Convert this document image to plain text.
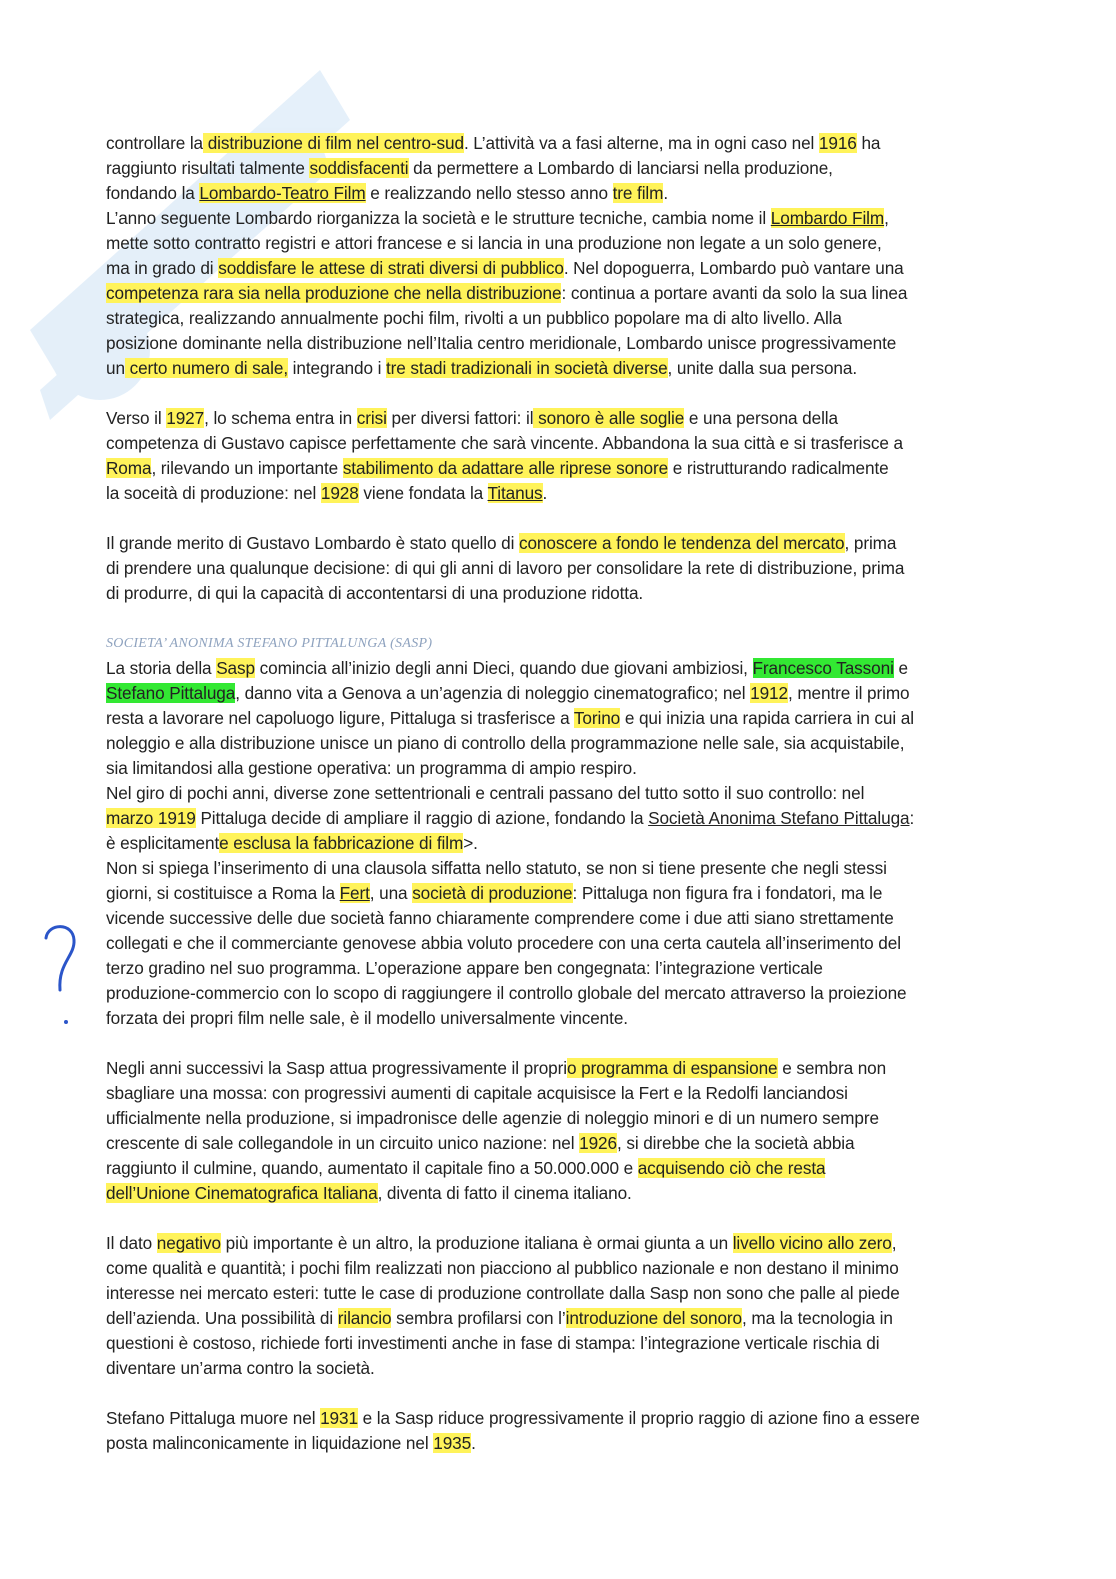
controllare la distribuzione di film nel centro-sud. L’attività va a fasi alterne, ma in ogni caso nel 1916 ha

raggiunto risultati talmente soddisfacenti da permettere a Lombardo di lanciarsi nella produzione,

fondando la Lombardo-Teatro Film e realizzando nello stesso anno tre film.

L’anno seguente Lombardo riorganizza la società e le strutture tecniche, cambia nome il Lombardo Film,

mette sotto contratto registri e attori francese e si lancia in una produzione non legate a un solo genere,

ma in grado di soddisfare le attese di strati diversi di pubblico. Nel dopoguerra, Lombardo può vantare una

competenza rara sia nella produzione che nella distribuzione: continua a portare avanti da solo la sua linea

strategica, realizzando annualmente pochi film, rivolti a un pubblico popolare ma di alto livello. Alla

posizione dominante nella distribuzione nell’Italia centro meridionale, Lombardo unisce progressivamente

un certo numero di sale, integrando i tre stadi tradizionali in società diverse, unite dalla sua persona.

Verso il 1927, lo schema entra in crisi per diversi fattori: il sonoro è alle soglie e una persona della

competenza di Gustavo capisce perfettamente che sarà vincente. Abbandona la sua città e si trasferisce a

Roma, rilevando un importante stabilimento da adattare alle riprese sonore e ristrutturando radicalmente

la soceità di produzione: nel 1928 viene fondata la Titanus.

Il grande merito di Gustavo Lombardo è stato quello di conoscere a fondo le tendenza del mercato, prima

di prendere una qualunque decisione: di qui gli anni di lavoro per consolidare la rete di distribuzione, prima

di produrre, di qui la capacità di accontentarsi di una produzione ridotta.

SOCIETA’ ANONIMA STEFANO PITTALUNGA (SASP)

La storia della Sasp comincia all’inizio degli anni Dieci, quando due giovani ambiziosi, Francesco Tassoni e

Stefano Pittaluga, danno vita a Genova a un’agenzia di noleggio cinematografico; nel 1912, mentre il primo

resta a lavorare nel capoluogo ligure, Pittaluga si trasferisce a Torino e qui inizia una rapida carriera in cui al

noleggio e alla distribuzione unisce un piano di controllo della programmazione nelle sale, sia acquistabile,

sia limitandosi alla gestione operativa: un programma di ampio respiro.

Nel giro di pochi anni, diverse zone settentrionali e centrali passano del tutto sotto il suo controllo: nel

marzo 1919 Pittaluga decide di ampliare il raggio di azione, fondando la Società Anonima Stefano Pittaluga:

è esplicitamente esclusa la fabbricazione di film>.

Non si spiega l’inserimento di una clausola siffatta nello statuto, se non si tiene presente che negli stessi

giorni, si costituisce a Roma la Fert, una società di produzione: Pittaluga non figura fra i fondatori, ma le

vicende successive delle due società fanno chiaramente comprendere come i due atti siano strettamente

collegati e che il commerciante genovese abbia voluto procedere con una certa cautela all’inserimento del

terzo gradino nel suo programma. L’operazione appare ben congegnata: l’integrazione verticale

produzione-commercio con lo scopo di raggiungere il controllo globale del mercato attraverso la proiezione

forzata dei propri film nelle sale, è il modello universalmente vincente.

Negli anni successivi la Sasp attua progressivamente il proprio programma di espansione e sembra non

sbagliare una mossa: con progressivi aumenti di capitale acquisisce la Fert e la Redolfi lanciandosi

ufficialmente nella produzione, si impadronisce delle agenzie di noleggio minori e di un numero sempre

crescente di sale collegandole in un circuito unico nazione: nel 1926, si direbbe che la società abbia

raggiunto il culmine, quando, aumentato il capitale fino a 50.000.000 e acquisendo ciò che resta

dell’Unione Cinematografica Italiana, diventa di fatto il cinema italiano.

Il dato negativo più importante è un altro, la produzione italiana è ormai giunta a un livello vicino allo zero,

come qualità e quantità; i pochi film realizzati non piacciono al pubblico nazionale e non destano il minimo

interesse nei mercato esteri: tutte le case di produzione controllate dalla Sasp non sono che palle al piede

dell’azienda. Una possibilità di rilancio sembra profilarsi con l’introduzione del sonoro, ma la tecnologia in

questioni è costoso, richiede forti investimenti anche in fase di stampa: l’integrazione verticale rischia di

diventare un’arma contro la società.

Stefano Pittaluga muore nel 1931 e la Sasp riduce progressivamente il proprio raggio di azione fino a essere

posta malinconicamente in liquidazione nel 1935.
